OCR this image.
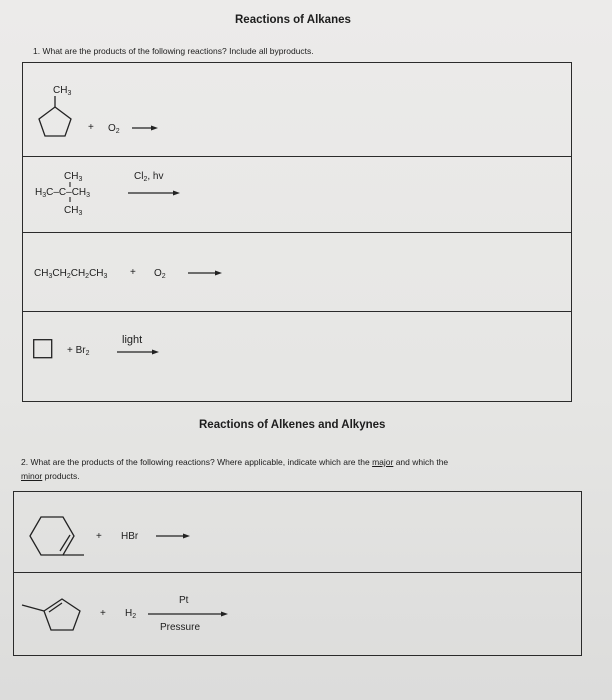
Reactions of Alkanes
1. What are the products of the following reactions? Include all byproducts.
$CH_3$
+ $O_2$
$CH_3$
$H_3C-C-CH_3$
$CH_3$
$Cl_2$, hv
$CH_3CH_2CH_2CH_3 + O_2$
+ $Br_2$
light
Reactions of Alkenes and Alkynes
2. What are the products of the following reactions? Where applicable, indicate which are the major and which the
minor products.
+ HBr
+ $H_2$
Pt
Pressure
